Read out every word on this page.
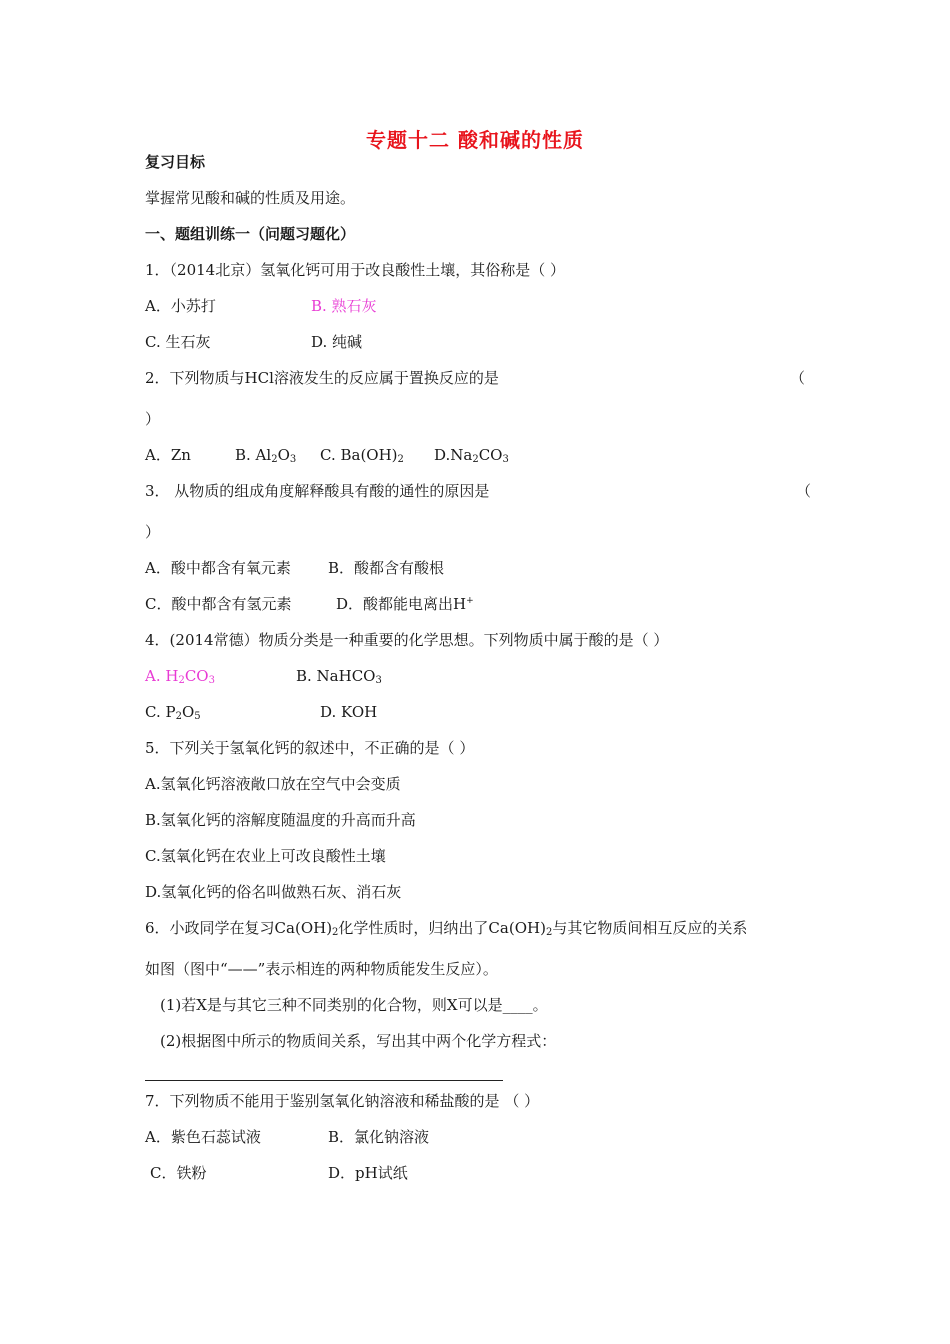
专题十二 酸和碱的性质
复习目标
掌握常见酸和碱的性质及用途。
一、题组训练一（问题习题化）
1．（2014北京）氢氧化钙可用于改良酸性土壤，其俗称是（ ）
A．小苏打	B. 熟石灰
C. 生石灰	D. 纯碱
2．下列物质与HCl溶液发生的反应属于置换反应的是	（
）
A．Zn	B. $Al_2O_3$ C. $Ba(OH)_2$ $D.Na_2CO_3$
3． 从物质的组成角度解释酸具有酸的通性的原因是	（
）
A．酸中都含有氧元素 B．酸都含有酸根
C．酸中都含有氢元素	D．酸都能电离出H+
4．(2014常德）物质分类是一种重要的化学思想。下列物质中属于酸的是（ ）
A. $H_2CO_3$	B. NaHCO$_3$
C. $P_2O_5$	D. KOH
5．下列关于氢氧化钙的叙述中，不正确的是（ ）
A.氢氧化钙溶液敞口放在空气中会变质
B.氢氧化钙的溶解度随温度的升高而升高
C.氢氧化钙在农业上可改良酸性土壤
D.氢氧化钙的俗名叫做熟石灰、消石灰
6．小政同学在复习$Ca(OH)_2$化学性质时，归纳出了$Ca(OH)_2$与其它物质间相互反应的关系
如图（图中“——”表示相连的两种物质能发生反应）。
(1)若X是与其它三种不同类别的化合物，则X可以是____。
(2)根据图中所示的物质间关系，写出其中两个化学方程式：
7．下列物质不能用于鉴别氢氧化钠溶液和稀盐酸的是 （ ）
A．紫色石蕊试液	B．氯化钠溶液
C．铁粉	D．pH试纸
